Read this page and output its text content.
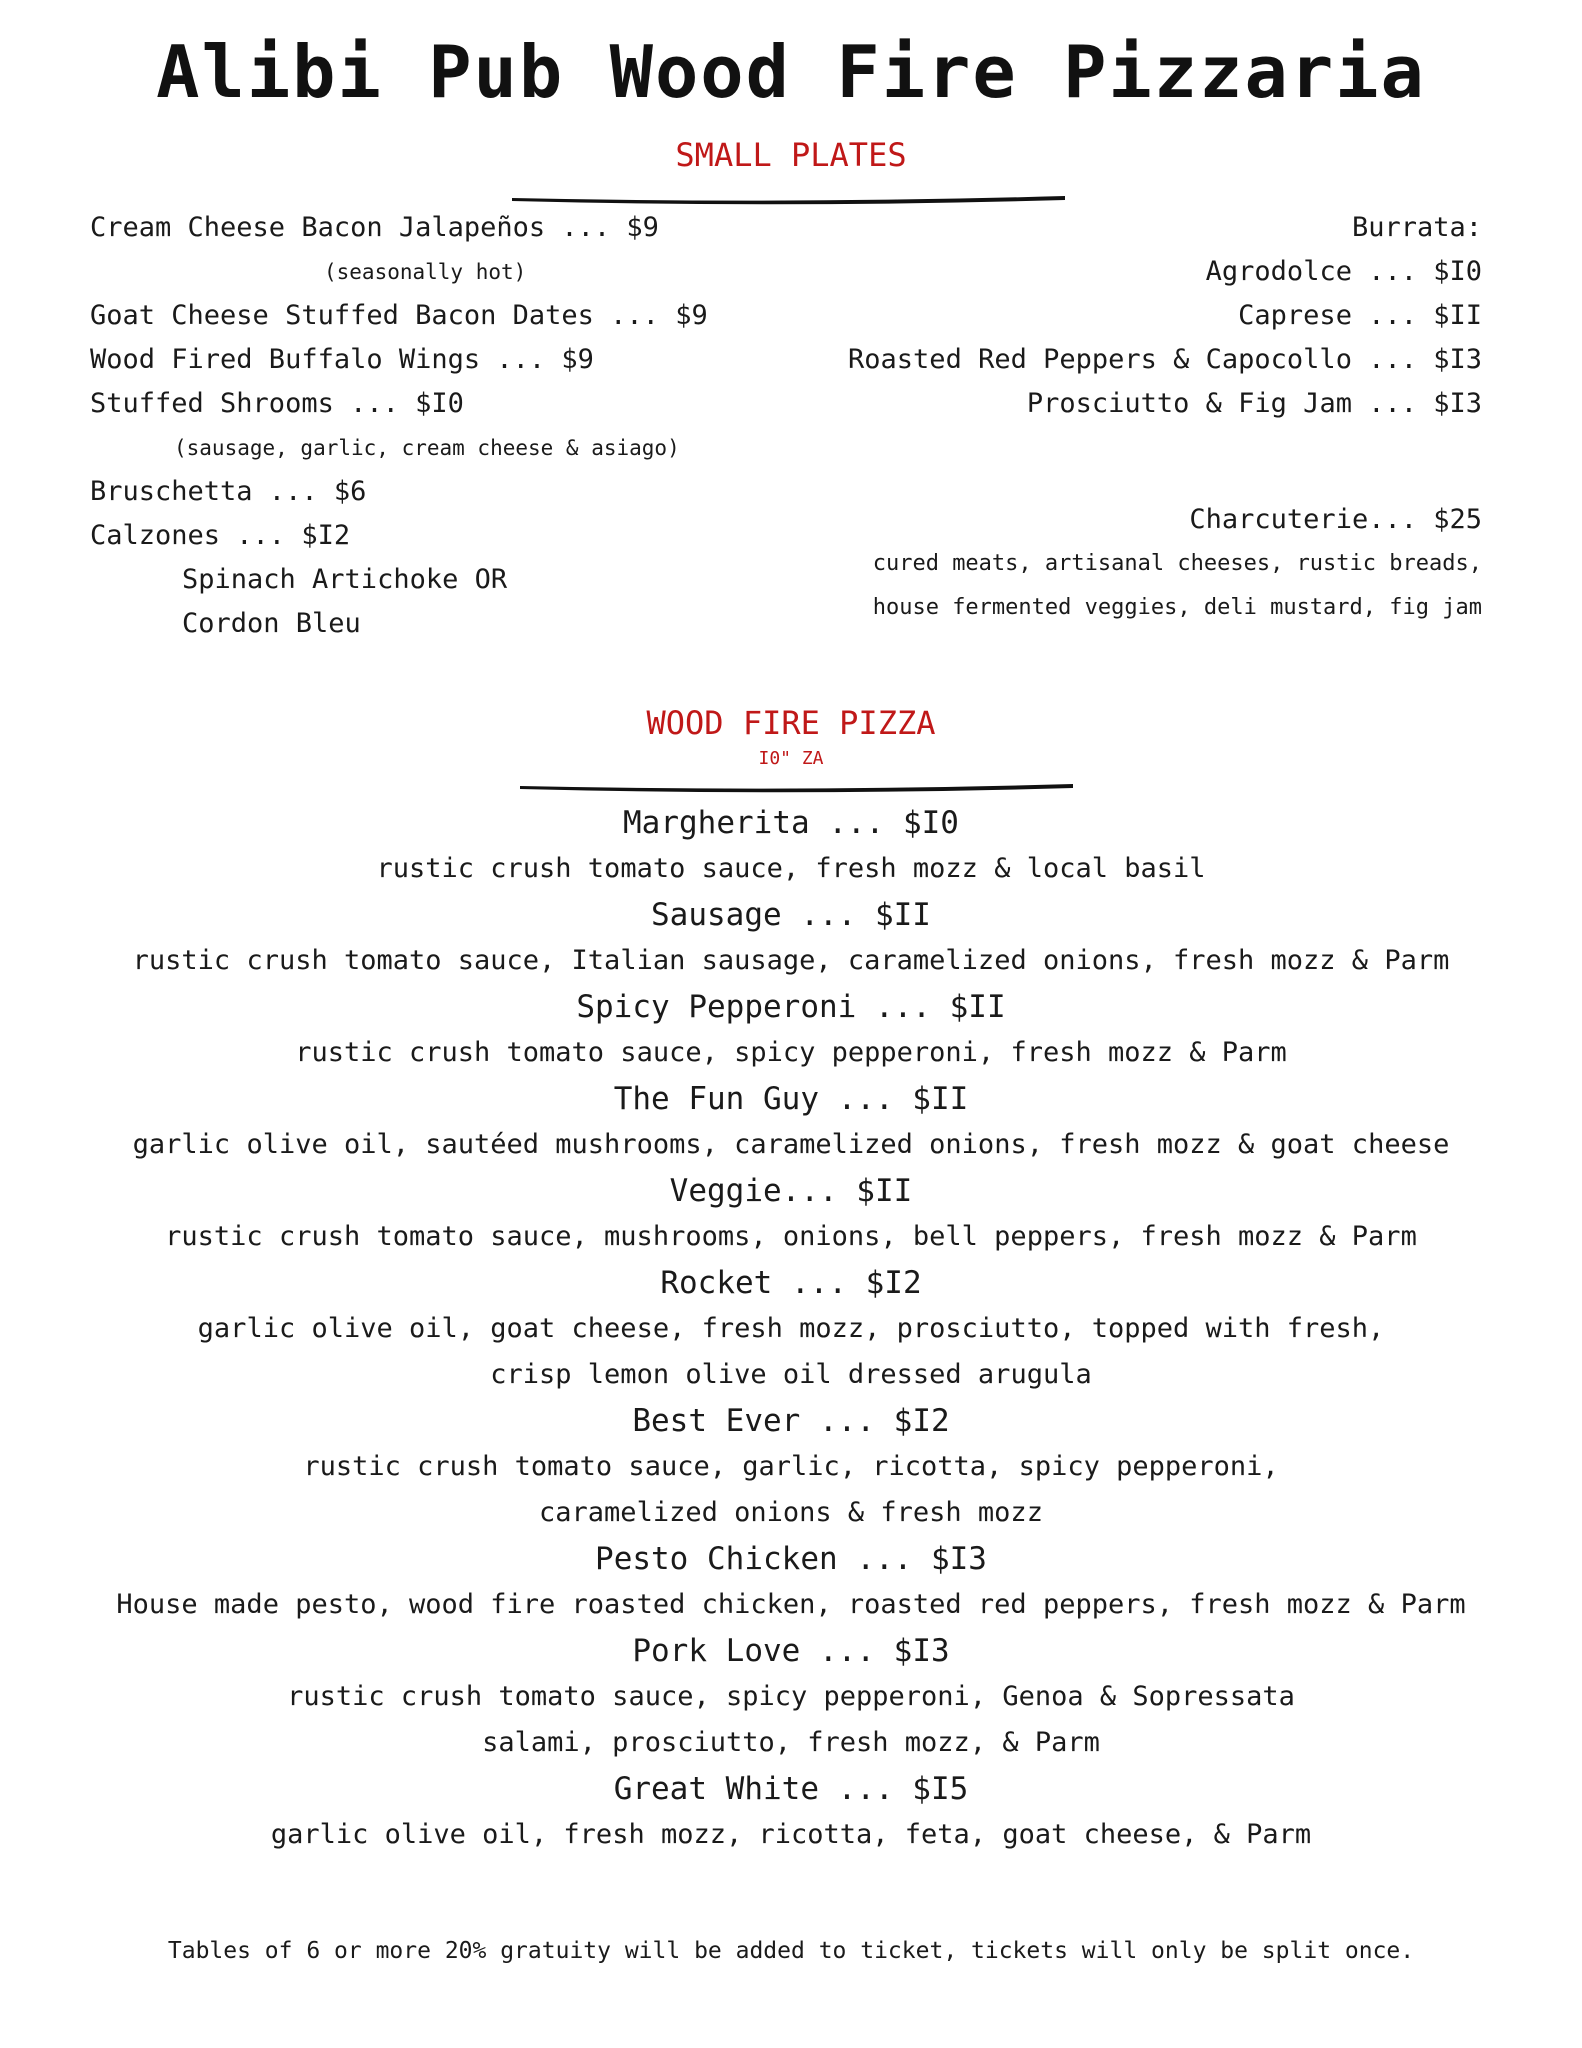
Alibi Pub Wood Fire Pizzaria
SMALL PLATES
Cream Cheese Bacon Jalapeños ... $9
(seasonally hot)
Goat Cheese Stuffed Bacon Dates ... $9
Wood Fired Buffalo Wings ... $9
Stuffed Shrooms ... $I0
(sausage, garlic, cream cheese & asiago)
Bruschetta ... $6
Calzones ... $I2
Spinach Artichoke OR
Cordon Bleu
Burrata:
Agrodolce ... $I0
Caprese ... $II
Roasted Red Peppers & Capocollo ... $I3
Prosciutto & Fig Jam ... $I3
Charcuterie... $25
cured meats, artisanal cheeses, rustic breads,
house fermented veggies, deli mustard, fig jam
WOOD FIRE PIZZA
I0" ZA
Margherita ... $I0
rustic crush tomato sauce, fresh mozz & local basil
Sausage ... $II
rustic crush tomato sauce, Italian sausage, caramelized onions, fresh mozz & Parm
Spicy Pepperoni ... $II
rustic crush tomato sauce, spicy pepperoni, fresh mozz & Parm
The Fun Guy ... $II
garlic olive oil, sautéed mushrooms, caramelized onions, fresh mozz & goat cheese
Veggie... $II
rustic crush tomato sauce, mushrooms, onions, bell peppers, fresh mozz & Parm
Rocket ... $I2
garlic olive oil, goat cheese, fresh mozz, prosciutto, topped with fresh,
crisp lemon olive oil dressed arugula
Best Ever ... $I2
rustic crush tomato sauce, garlic, ricotta, spicy pepperoni,
caramelized onions & fresh mozz
Pesto Chicken ... $I3
House made pesto, wood fire roasted chicken, roasted red peppers, fresh mozz & Parm
Pork Love ... $I3
rustic crush tomato sauce, spicy pepperoni, Genoa & Sopressata
salami, prosciutto, fresh mozz, & Parm
Great White ... $I5
garlic olive oil, fresh mozz, ricotta, feta, goat cheese, & Parm
Tables of 6 or more 20% gratuity will be added to ticket, tickets will only be split once.
